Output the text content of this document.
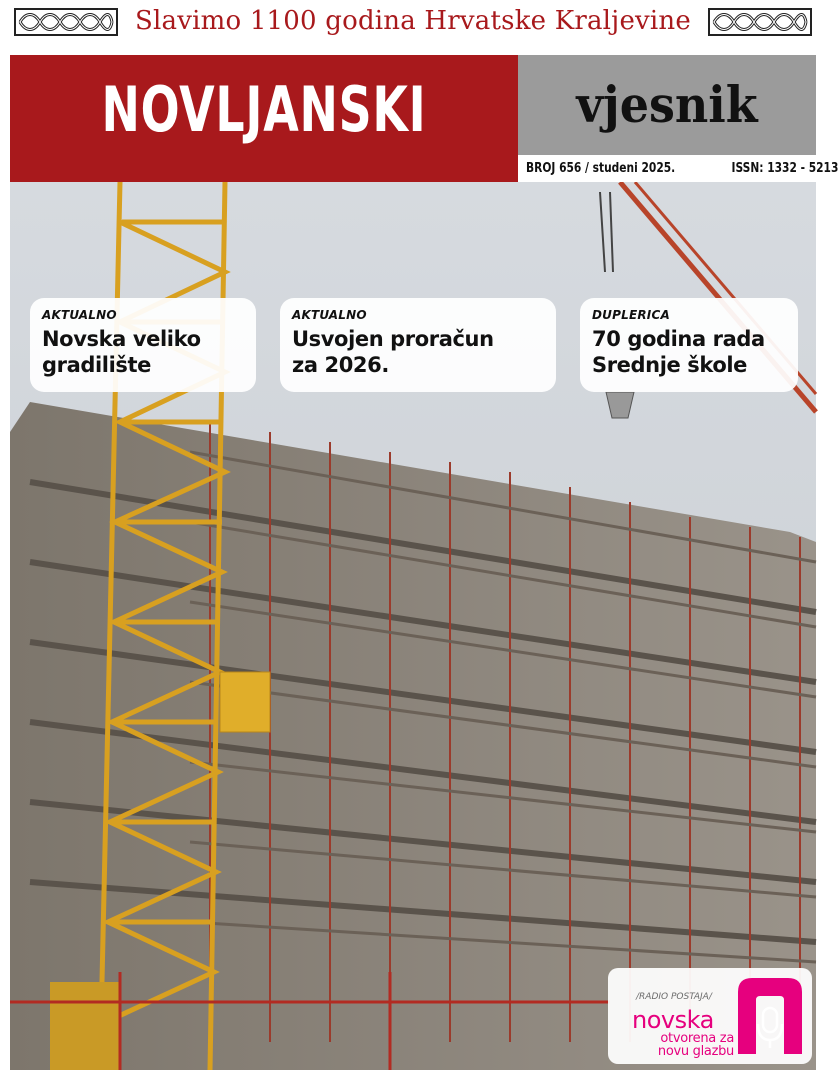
Slavimo 1100 godina Hrvatske Kraljevine
NOVLJANSKI	vjesnik
BROJ 656 / studeni 2025.	ISSN: 1332 - 5213
AKTUALNO
Novska veliko
gradilište
AKTUALNO
Usvojen proračun
za 2026.
DUPLERICA
70 godina rada
Srednje škole
/RADIO POSTAJA/
novska
otvorena za
novu glazbu
